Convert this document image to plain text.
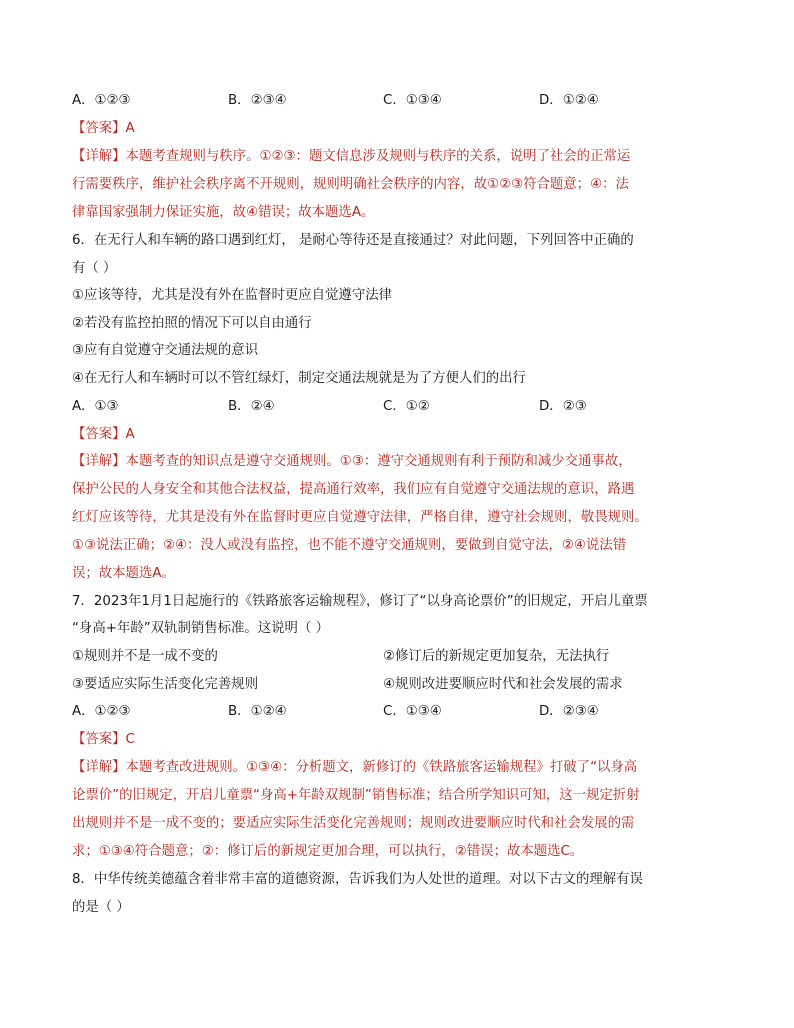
A．①②③	B．②③④	C．①③④	D．①②④
【答案】A
【详解】本题考查规则与秩序。①②③：题文信息涉及规则与秩序的关系，说明了社会的正常运
行需要秩序，维护社会秩序离不开规则，规则明确社会秩序的内容，故①②③符合题意；④：法
律靠国家强制力保证实施，故④错误；故本题选A。
6．在无行人和车辆的路口遇到红灯， 是耐心等待还是直接通过？对此问题，下列回答中正确的
有（ ）
①应该等待，尤其是没有外在监督时更应自觉遵守法律
②若没有监控拍照的情况下可以自由通行
③应有自觉遵守交通法规的意识
④在无行人和车辆时可以不管红绿灯，制定交通法规就是为了方便人们的出行
A．①③	B．②④	C．①②	D．②③
【答案】A
【详解】本题考查的知识点是遵守交通规则。①③：遵守交通规则有利于预防和减少交通事故，
保护公民的人身安全和其他合法权益，提高通行效率，我们应有自觉遵守交通法规的意识，路遇
红灯应该等待，尤其是没有外在监督时更应自觉遵守法律，严格自律，遵守社会规则，敬畏规则。
①③说法正确；②④：没人或没有监控，也不能不遵守交通规则，要做到自觉守法，②④说法错
误；故本题选A。
7．2023年1月1日起施行的《铁路旅客运输规程》，修订了“以身高论票价”的旧规定，开启儿童票
“身高+年龄”双轨制销售标准。这说明（ ）
①规则并不是一成不变的	②修订后的新规定更加复杂，无法执行
③要适应实际生活变化完善规则	④规则改进要顺应时代和社会发展的需求
A．①②③	B．①②④	C．①③④	D．②③④
【答案】C
【详解】本题考查改进规则。①③④：分析题文，新修订的《铁路旅客运输规程》打破了“以身高
论票价”的旧规定，开启儿童票“身高+年龄双规制”销售标准；结合所学知识可知，这一规定折射
出规则并不是一成不变的；要适应实际生活变化完善规则；规则改进要顺应时代和社会发展的需
求；①③④符合题意；②：修订后的新规定更加合理，可以执行，②错误；故本题选C。
8．中华传统美德蕴含着非常丰富的道德资源，告诉我们为人处世的道理。对以下古文的理解有误
的是（ ）
